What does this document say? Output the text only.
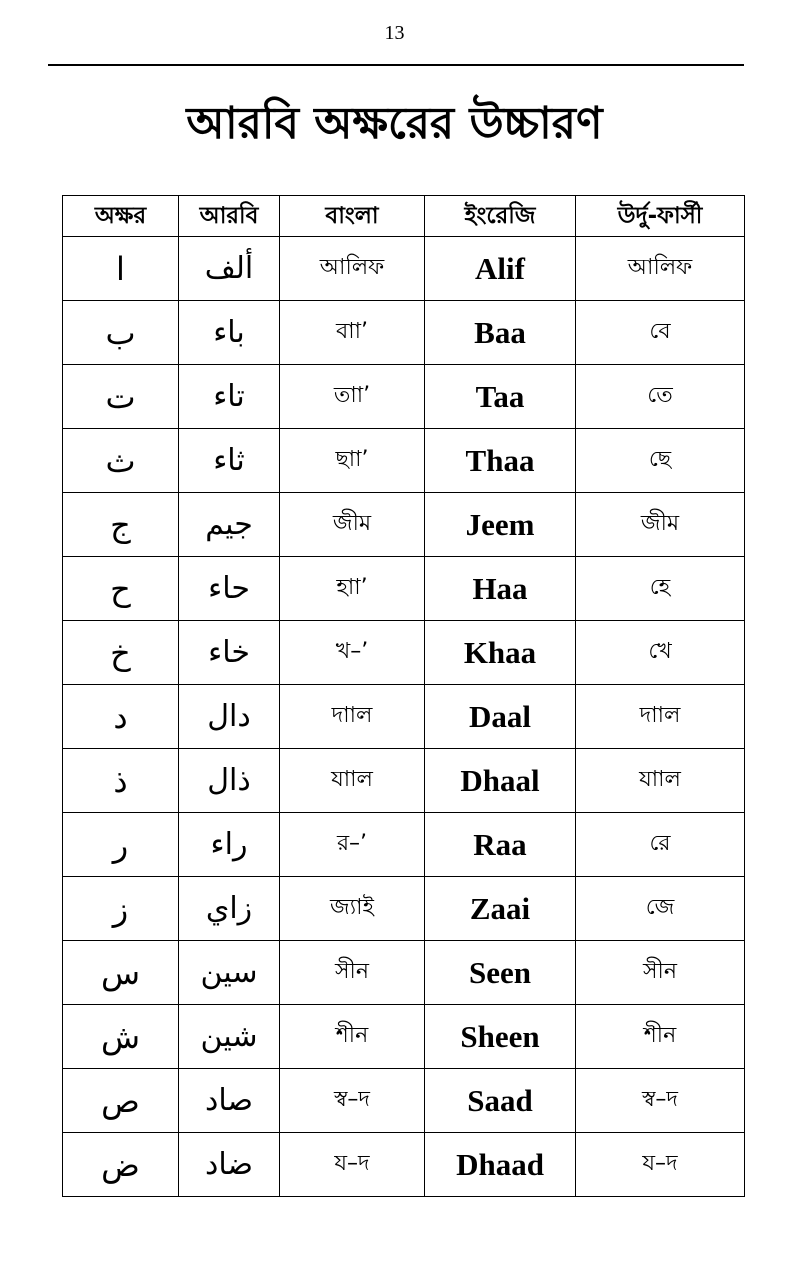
13
আরবি অক্ষরের উচ্চারণ
অক্ষর	আরবি	বাংলা	ইংরেজি	উর্দু-ফার্সী
ا	ألف	আলিফ	Alif	আলিফ
ب	باء	বাা’	Baa	বে
ت	تاء	তাা’	Taa	তে
ث	ثاء	ছাা’	Thaa	ছে
ج	جيم	জীম	Jeem	জীম
ح	حاء	হাা’	Haa	হে
خ	خاء	খ–’	Khaa	খে
د	دال	দাাল	Daal	দাাল
ذ	ذال	যাাল	Dhaal	যাাল
ر	راء	র–’	Raa	রে
ز	زاي	জ্যাই	Zaai	জে
س	سين	সীন	Seen	সীন
ش	شين	শীন	Sheen	শীন
ص	صاد	স্ব–দ	Saad	স্ব–দ
ض	ضاد	য–দ	Dhaad	য–দ
